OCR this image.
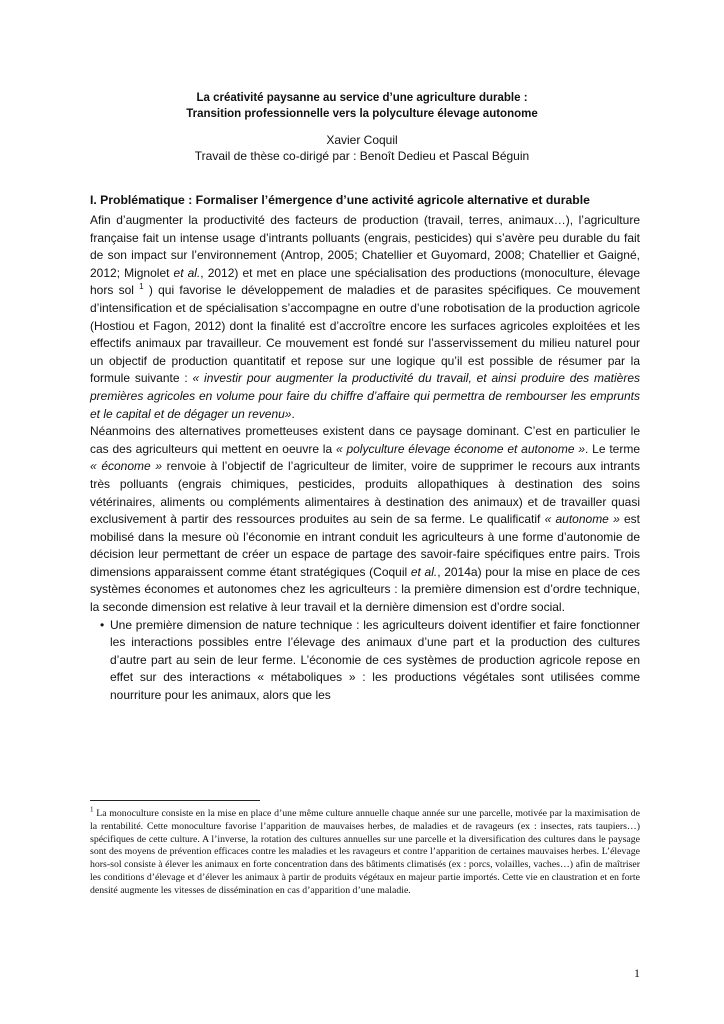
La créativité paysanne au service d’une agriculture durable :
Transition professionnelle vers la polyculture élevage autonome
Xavier Coquil
Travail de thèse co-dirigé par : Benoît Dedieu et Pascal Béguin
I. Problématique : Formaliser l’émergence d’une activité agricole alternative et durable

Afin d’augmenter la productivité des facteurs de production (travail, terres, animaux…), l’agriculture française fait un intense usage d’intrants polluants (engrais, pesticides) qui s’avère peu durable du fait de son impact sur l’environnement (Antrop, 2005; Chatellier et Guyomard, 2008; Chatellier et Gaigné, 2012; Mignolet et al., 2012) et met en place une spécialisation des productions (monoculture, élevage hors sol $^1$ ) qui favorise le développement de maladies et de parasites spécifiques. Ce mouvement d’intensification et de spécialisation s’accompagne en outre d’une robotisation de la production agricole (Hostiou et Fagon, 2012) dont la finalité est d’accroître encore les surfaces agricoles exploitées et les effectifs animaux par travailleur. Ce mouvement est fondé sur l’asservissement du milieu naturel pour un objectif de production quantitatif et repose sur une logique qu’il est possible de résumer par la formule suivante : « investir pour augmenter la productivité du travail, et ainsi produire des matières premières agricoles en volume pour faire du chiffre d’affaire qui permettra de rembourser les emprunts et le capital et de dégager un revenu».

Néanmoins des alternatives prometteuses existent dans ce paysage dominant. C’est en particulier le cas des agriculteurs qui mettent en oeuvre la « polyculture élevage économe et autonome ». Le terme « économe » renvoie à l’objectif de l’agriculteur de limiter, voire de supprimer le recours aux intrants très polluants (engrais chimiques, pesticides, produits allopathiques à destination des soins vétérinaires, aliments ou compléments alimentaires à destination des animaux) et de travailler quasi exclusivement à partir des ressources produites au sein de sa ferme. Le qualificatif « autonome » est mobilisé dans la mesure où l’économie en intrant conduit les agriculteurs à une forme d’autonomie de décision leur permettant de créer un espace de partage des savoir-faire spécifiques entre pairs. Trois dimensions apparaissent comme étant stratégiques (Coquil et al., 2014a) pour la mise en place de ces systèmes économes et autonomes chez les agriculteurs : la première dimension est d’ordre technique, la seconde dimension est relative à leur travail et la dernière dimension est d’ordre social.

• Une première dimension de nature technique : les agriculteurs doivent identifier et faire fonctionner les interactions possibles entre l’élevage des animaux d’une part et la production des cultures d’autre part au sein de leur ferme. L’économie de ces systèmes de production agricole repose en effet sur des interactions « métaboliques » : les productions végétales sont utilisées comme nourriture pour les animaux, alors que les

$^1$ La monoculture consiste en la mise en place d’une même culture annuelle chaque année sur une parcelle, motivée par la maximisation de la rentabilité. Cette monoculture favorise l’apparition de mauvaises herbes, de maladies et de ravageurs (ex : insectes, rats taupiers…) spécifiques de cette culture. A l’inverse, la rotation des cultures annuelles sur une parcelle et la diversification des cultures dans le paysage sont des moyens de prévention efficaces contre les maladies et les ravageurs et contre l’apparition de certaines mauvaises herbes. L’élevage hors-sol consiste à élever les animaux en forte concentration dans des bâtiments climatisés (ex : porcs, volailles, vaches…) afin de maîtriser les conditions d’élevage et d’élever les animaux à partir de produits végétaux en majeur partie importés. Cette vie en claustration et en forte densité augmente les vitesses de dissémination en cas d’apparition d’une maladie.
1
